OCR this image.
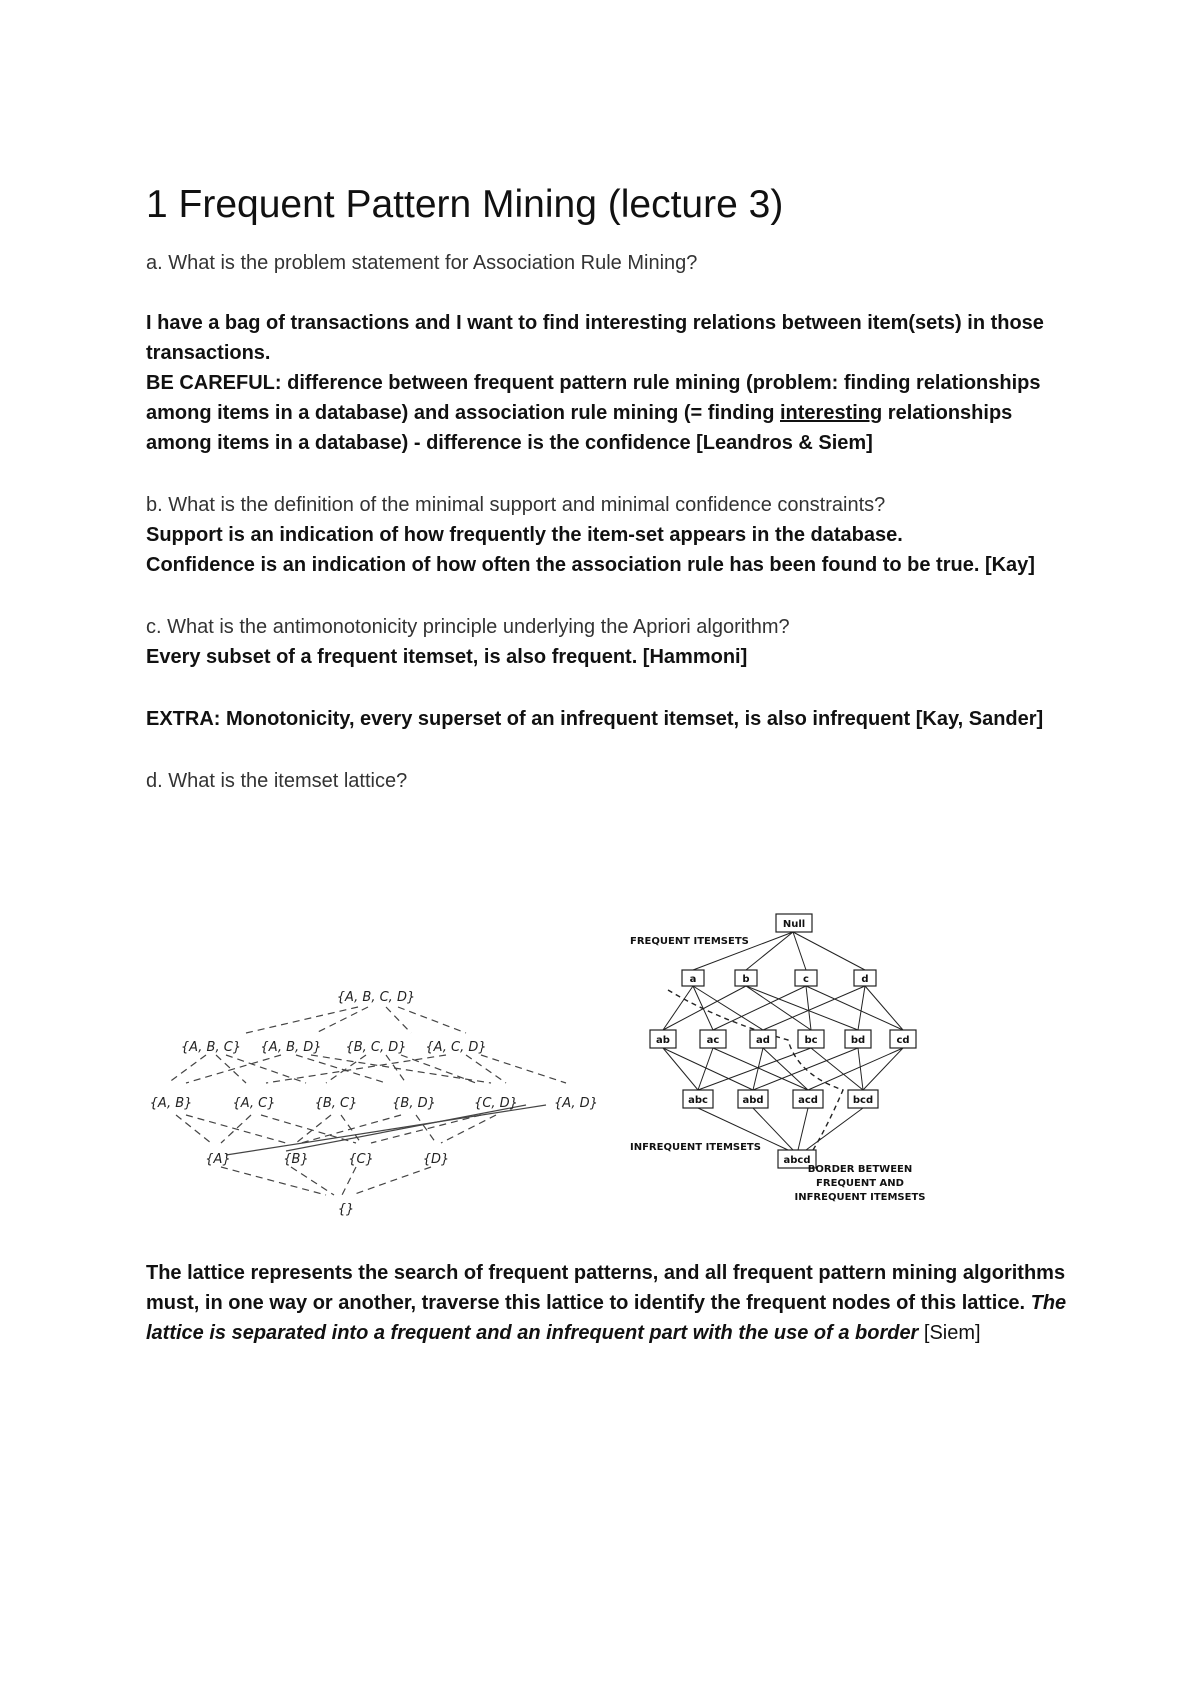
1 Frequent Pattern Mining (lecture 3)

a. What is the problem statement for Association Rule Mining?

I have a bag of transactions and I want to find interesting relations between item(sets) in those transactions.

BE CAREFUL: difference between frequent pattern rule mining (problem: finding relationships among items in a database) and association rule mining (= finding interesting relationships among items in a database) - difference is the confidence [Leandros & Siem]

b. What is the definition of the minimal support and minimal confidence constraints?

Support is an indication of how frequently the item-set appears in the database.

Confidence is an indication of how often the association rule has been found to be true. [Kay]

c. What is the antimonotonicity principle underlying the Apriori algorithm?

Every subset of a frequent itemset, is also frequent. [Hammoni]

EXTRA: Monotonicity, every superset of an infrequent itemset, is also infrequent [Kay, Sander]

d. What is the itemset lattice?

{A, B, C, D}
{A, B, C} {A, B, D} {B, C, D} {A, C, D}
{A, B}	{A, C}	{B, C}	{B, D}	{C, D}	{A, D}
{A}	{B}	{C}	{D}
{}
Null
a	b	c	d
ab	ac	ad	bc	bd	cd
abc	abd	acd	bcd
abcd
FREQUENT ITEMSETS
INFREQUENT ITEMSETS
BORDER BETWEEN
FREQUENT AND
INFREQUENT ITEMSETS

The lattice represents the search of frequent patterns, and all frequent pattern mining algorithms must, in one way or another, traverse this lattice to identify the frequent nodes of this lattice. The lattice is separated into a frequent and an infrequent part with the use of a border [Siem]
